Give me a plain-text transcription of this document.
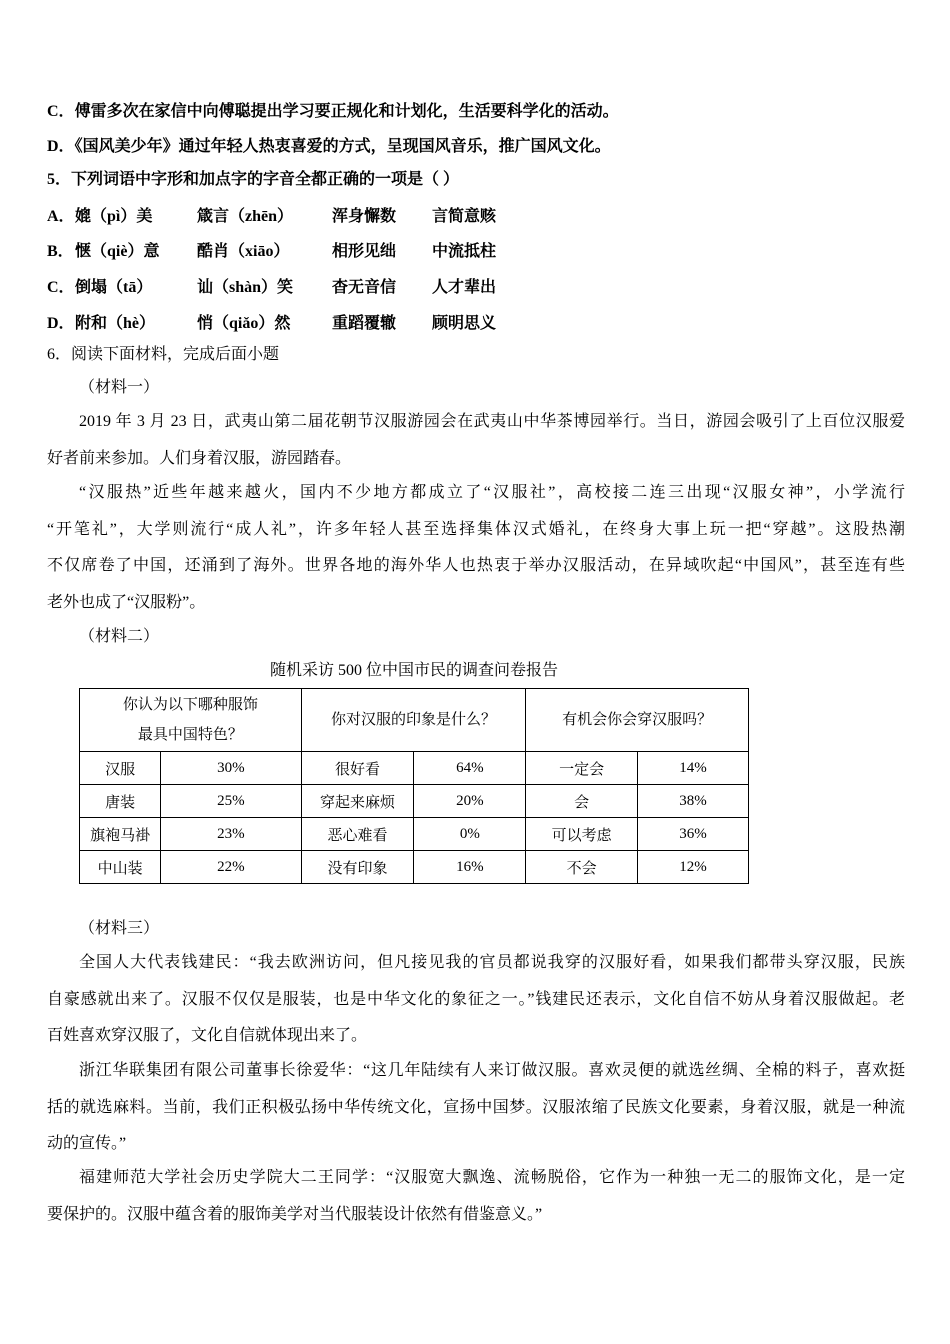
C．傅雷多次在家信中向傅聪提出学习要正规化和计划化，生活要科学化的活动。
D．《国风美少年》通过年轻人热衷喜爱的方式，呈现国风音乐，推广国风文化。
5．下列词语中字形和加点字的字音全都正确的一项是（ ）
A． 媲（pì）美	箴言（zhēn） 浑身懈数 言简意赅
B． 惬（qiè）意 酷肖（xiāo）	相形见绌 中流抵柱
C． 倒塌（tā）	讪（shàn）笑 杳无音信 人才辈出
D． 附和（hè）	悄（qiǎo）然	重蹈覆辙 顾明思义
6．阅读下面材料，完成后面小题
（材料一）
2019 年 3 月 23 日，武夷山第二届花朝节汉服游园会在武夷山中华茶博园举行。当日，游园会吸引了上百位汉服爱
好者前来参加。人们身着汉服，游园踏春。
“汉服热”近些年越来越火，国内不少地方都成立了“汉服社”，高校接二连三出现“汉服女神”，小学流行
“开笔礼”，大学则流行“成人礼”，许多年轻人甚至选择集体汉式婚礼，在终身大事上玩一把“穿越”。这股热潮
不仅席卷了中国，还涌到了海外。世界各地的海外华人也热衷于举办汉服活动，在异域吹起“中国风”，甚至连有些
老外也成了“汉服粉”。
（材料二）
随机采访 500 位中国市民的调查问卷报告
你认为以下哪种服饰
最具中国特色？		你对汉服的印象是什么？		有机会你会穿汉服吗？	
汉服	30%	很好看	64%	一定会	14%
唐装	25%	穿起来麻烦	20%	会	38%
旗袍马褂	23%	恶心难看	0%	可以考虑	36%
中山装	22%	没有印象	16%	不会	12%
（材料三）
全国人大代表钱建民：“我去欧洲访问，但凡接见我的官员都说我穿的汉服好看，如果我们都带头穿汉服，民族
自豪感就出来了。汉服不仅仅是服装，也是中华文化的象征之一。”钱建民还表示，文化自信不妨从身着汉服做起。老
百姓喜欢穿汉服了，文化自信就体现出来了。
浙江华联集团有限公司董事长徐爱华：“这几年陆续有人来订做汉服。喜欢灵便的就选丝绸、全棉的料子，喜欢挺
括的就选麻料。当前，我们正积极弘扬中华传统文化，宣扬中国梦。汉服浓缩了民族文化要素，身着汉服，就是一种流
动的宣传。”
福建师范大学社会历史学院大二王同学：“汉服宽大飘逸、流畅脱俗，它作为一种独一无二的服饰文化，是一定
要保护的。汉服中蕴含着的服饰美学对当代服装设计依然有借鉴意义。”
